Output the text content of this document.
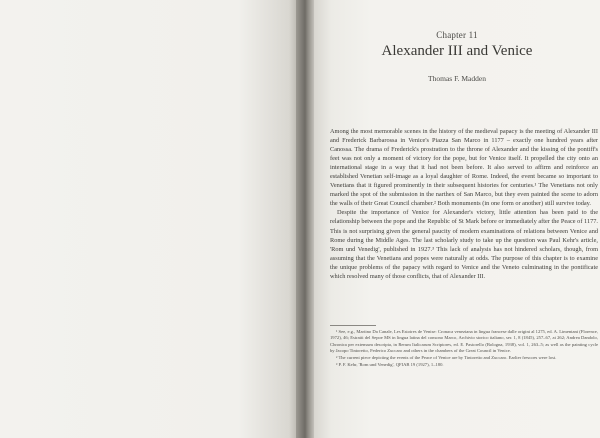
Chapter 11
Alexander III and Venice
Thomas F. Madden

Among the most memorable scenes in the history of the medieval papacy is the meeting of Alexander III and Frederick Barbarossa in Venice's Piazza San Marco in 1177 – exactly one hundred years after Canossa. The drama of Frederick's prostration to the throne of Alexander and the kissing of the pontiff's feet was not only a moment of victory for the pope, but for Venice itself. It propelled the city onto an international stage in a way that it had not been before. It also served to affirm and reinforce an established Venetian self-image as a loyal daughter of Rome. Indeed, the event became so important to Venetians that it figured prominently in their subsequent histories for centuries.¹ The Venetians not only marked the spot of the submission in the narthex of San Marco, but they even painted the scene to adorn the walls of their Great Council chamber.² Both monuments (in one form or another) still survive today.

Despite the importance of Venice for Alexander's victory, little attention has been paid to the relationship between the pope and the Republic of St Mark before or immediately after the Peace of 1177. This is not surprising given the general paucity of modern examinations of relations between Venice and Rome during the Middle Ages. The last scholarly study to take up the question was Paul Kehr's article, 'Rom und Venedig', published in 1927.³ This lack of analysis has not hindered scholars, though, from assuming that the Venetians and popes were naturally at odds. The purpose of this chapter is to examine the unique problems of the papacy with regard to Venice and the Veneto culminating in the pontificate which resolved many of those conflicts, that of Alexander III.

¹ See, e.g., Martino Da Canale, Les Estoires de Venise: Cronaca veneziana in lingua francese dalle origini al 1275, ed. A. Limentani (Florence, 1972), 46; Estratti del Sepoe MS in lingua latina del consono Marco, Archivio storico italiano, ser. 1, 8 (1845), 257–67, at 262; Andrea Dandolo, Chronica per extensum descripta, in Rerum Italicarum Scriptores, ed. E. Pastorello (Bologna, 1938), vol. 1, 263–5; as well as the painting cycle by Jacopo Tintoretto, Federico Zuccaro and others in the chambers of the Great Council in Venice.

² The current piece depicting the events of the Peace of Venice are by Tintoretto and Zuccaro. Earlier frescoes were lost.

³ P. F. Kehr, 'Rom und Venedig', QFIAB 19 (1927), 1–180.
